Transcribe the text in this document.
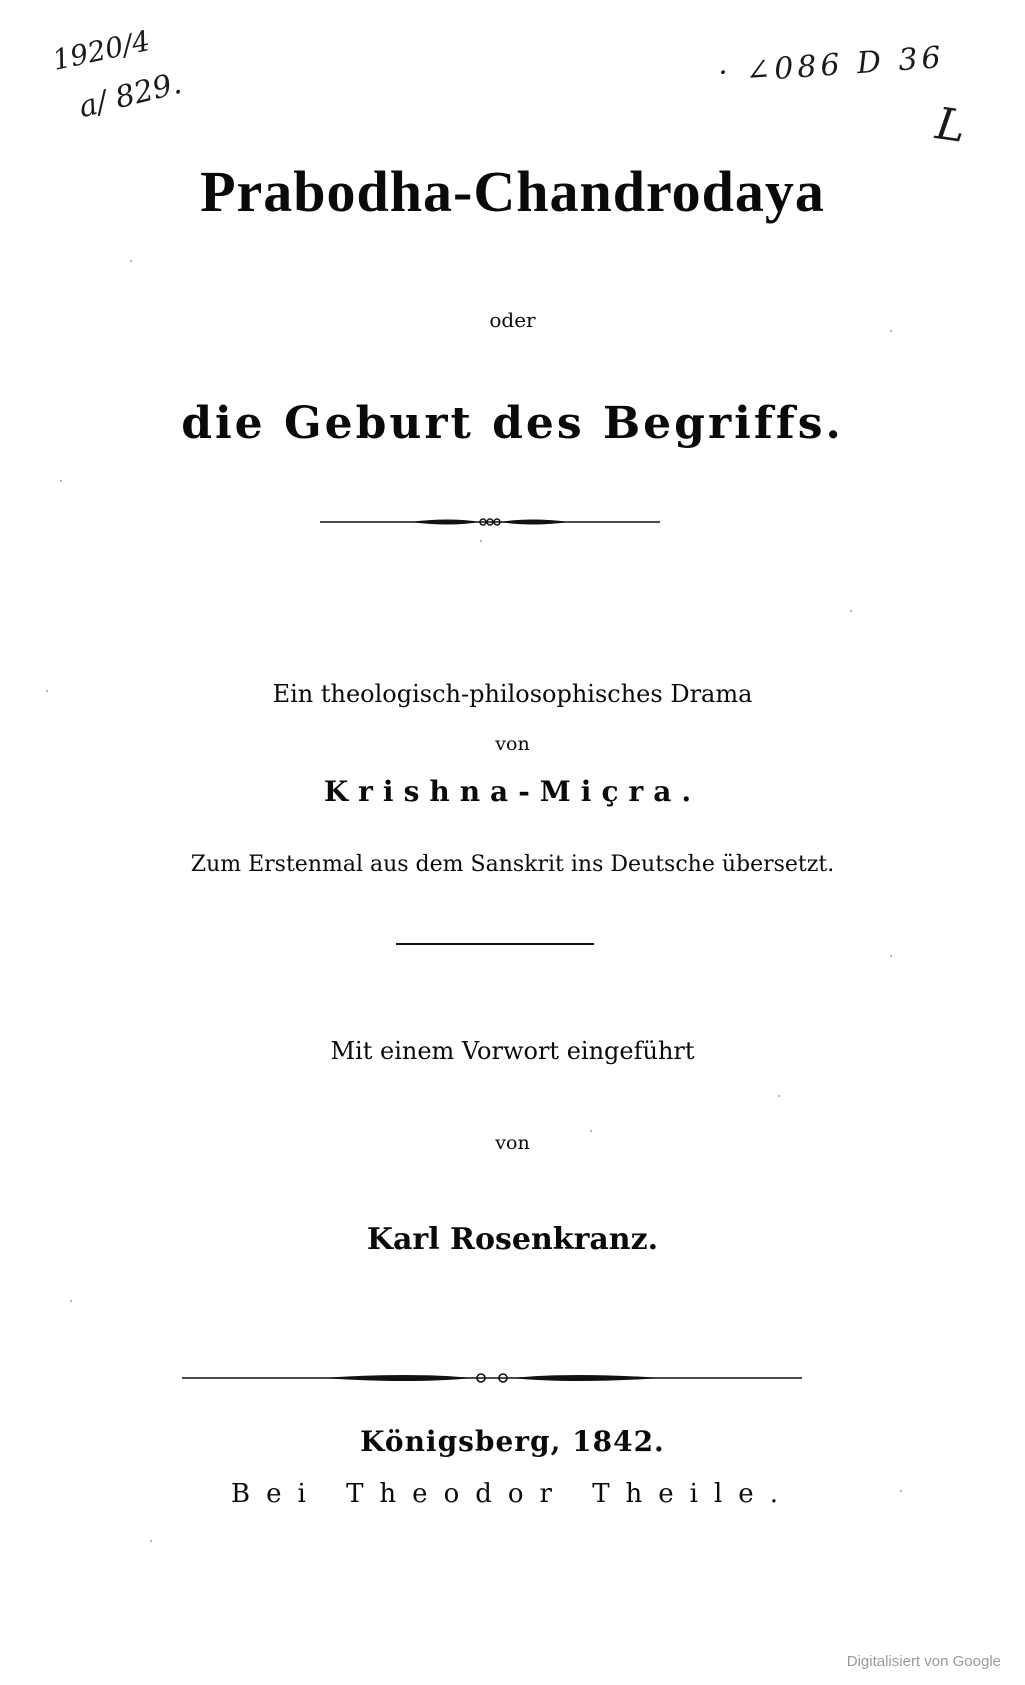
1920/4
a/ 829.
· ∠086 D 36
L
Prabodha-Chandrodaya
oder
die Geburt des Begriffs.
Ein theologisch-philosophisches Drama
von
Krishna-Miçra.
Zum Erstenmal aus dem Sanskrit ins Deutsche übersetzt.
Mit einem Vorwort eingeführt
von
Karl Rosenkranz.
Königsberg, 1842.
Bei Theodor Theile.
Digitalisiert von Google
